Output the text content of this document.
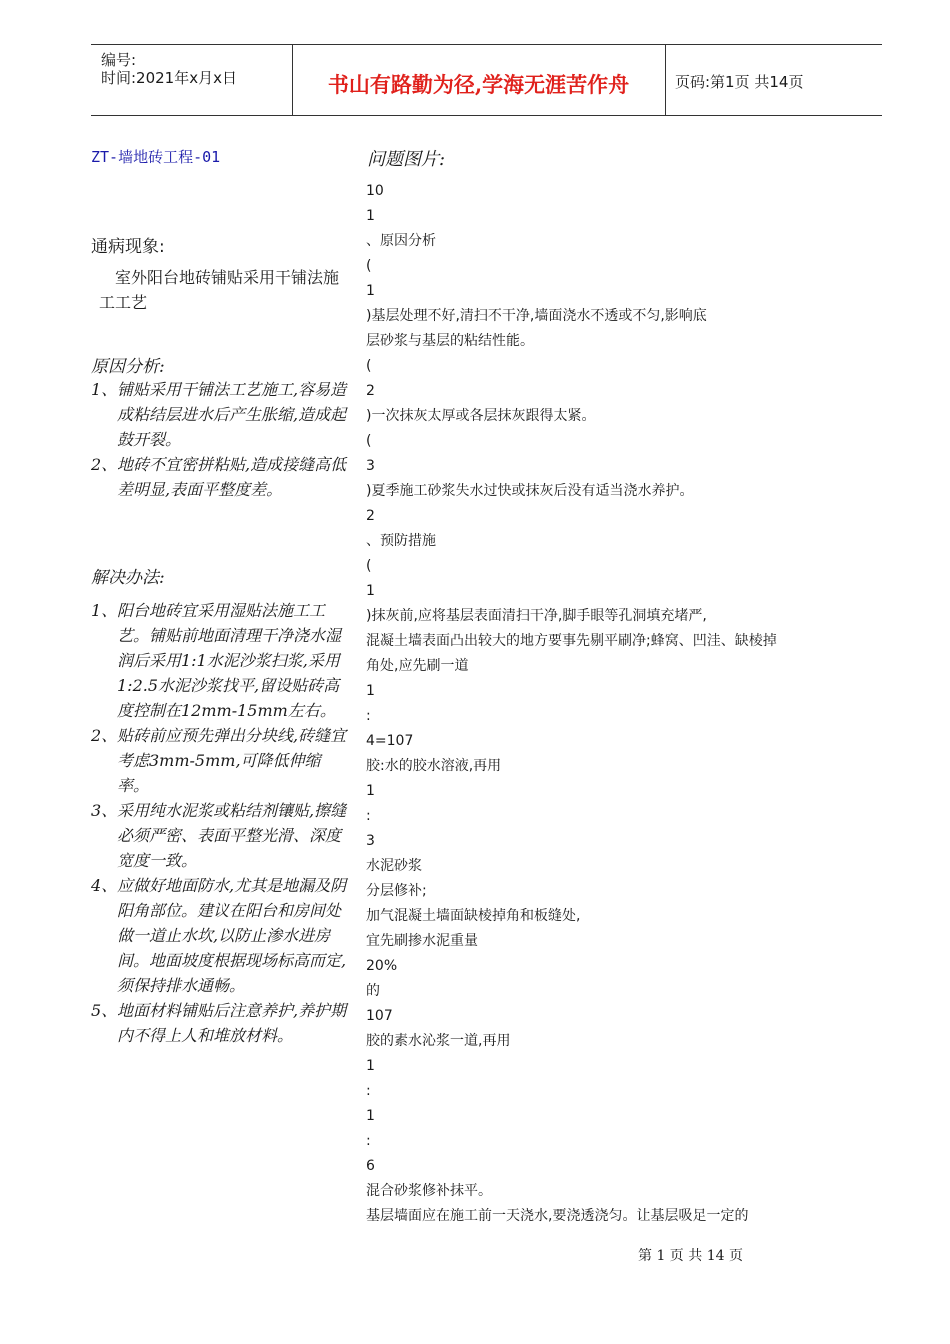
编号:
时间:2021年x月x日	书山有路勤为径,学海无涯苦作舟	页码:第1页 共14页
ZT-墙地砖工程-01
通病现象:
室外阳台地砖铺贴采用干铺法施工工艺
原因分析:
1、 铺贴采用干铺法工艺施工,容易造成粘结层进水后产生胀缩,造成起鼓开裂。
2、 地砖不宜密拼粘贴,造成接缝高低差明显,表面平整度差。
解决办法:
1、 阳台地砖宜采用湿贴法施工工艺。铺贴前地面清理干净浇水湿润后采用1:1水泥沙浆扫浆,采用1:2.5水泥沙浆找平,留设贴砖高度控制在12mm-15mm左右。
2、 贴砖前应预先弹出分块线,砖缝宜考虑3mm-5mm,可降低伸缩率。
3、 采用纯水泥浆或粘结剂镶贴,擦缝必须严密、表面平整光滑、深度宽度一致。
4、 应做好地面防水,尤其是地漏及阴阳角部位。建议在阳台和房间处做一道止水坎,以防止渗水进房间。地面坡度根据现场标高而定,须保持排水通畅。
5、 地面材料铺贴后注意养护,养护期内不得上人和堆放材料。
问题图片:
10
1
、原因分析
(
1
)基层处理不好,清扫不干净,墙面浇水不透或不匀,影响底
层砂浆与基层的粘结性能。
(
2
)一次抹灰太厚或各层抹灰跟得太紧。
(
3
)夏季施工砂浆失水过快或抹灰后没有适当浇水养护。
2
、预防措施
(
1
)抹灰前,应将基层表面清扫干净,脚手眼等孔洞填充堵严,
混凝土墙表面凸出较大的地方要事先剔平刷净;蜂窝、凹洼、缺棱掉
角处,应先刷一道
1
:
4=107
胶:水的胶水溶液,再用
1
:
3
水泥砂浆
分层修补;
加气混凝土墙面缺棱掉角和板缝处,
宜先刷掺水泥重量
20%
的
107
胶的素水沁浆一道,再用
1
:
1
:
6
混合砂浆修补抹平。
基层墙面应在施工前一天浇水,要浇透浇匀。让基层吸足一定的
第 1 页 共 14 页
